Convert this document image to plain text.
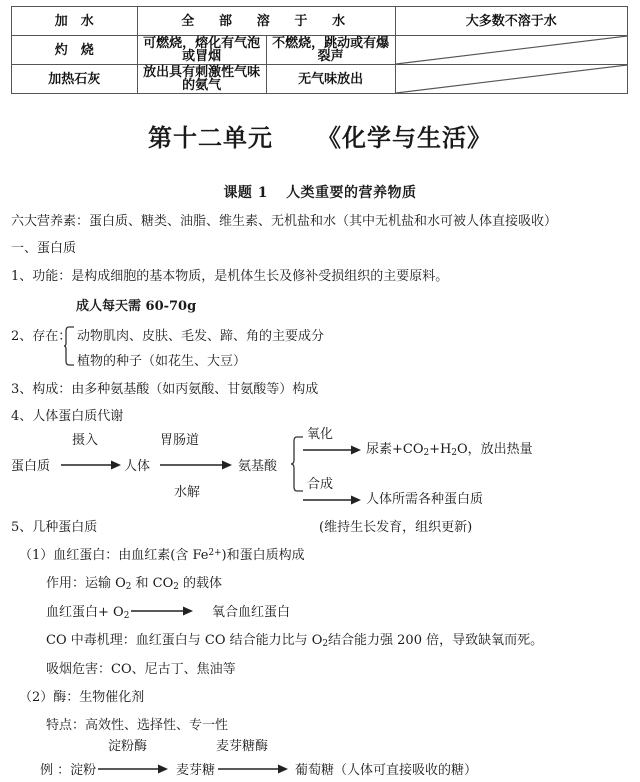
加　水	全　部　溶　于　水		大多数不溶于水
灼　烧	可燃烧，熔化有气泡或冒烟	不燃烧，跳动或有爆裂声	

加热石灰	放出具有刺激性气味的氨气	无气味放出	
第十二单元 《化学与生活》
课题 1 人类重要的营养物质
六大营养素：蛋白质、糖类、油脂、维生素、无机盐和水（其中无机盐和水可被人体直接吸收）
一、蛋白质
1、功能：是构成细胞的基本物质，是机体生长及修补受损组织的主要原料。
成人每天需 60-70g
2、存在： 动物肌肉、皮肤、毛发、蹄、角的主要成分
植物的种子（如花生、大豆）
3、构成：由多种氨基酸（如丙氨酸、甘氨酸等）构成
4、人体蛋白质代谢
摄入	胃肠道
水解
蛋白质	人体	氨基酸
氧化
尿素$+CO_2+H_2O$，放出热量
合成
人体所需各种蛋白质
5、几种蛋白质	(维持生长发育，组织更新)
（1）血红蛋白：由血红素(含 $Fe^{2+}$)和蛋白质构成
作用：运输 $O_2$ 和 $CO_2$ 的载体
血红蛋白+ $O_2$	氧合血红蛋白
CO 中毒机理：血红蛋白与 CO 结合能力比与 $O_2$结合能力强 200 倍，导致缺氧而死。
吸烟危害：CO、尼古丁、焦油等
（2）酶：生物催化剂
特点：高效性、选择性、专一性
淀粉酶	麦芽糖酶
例 ：淀粉	麦芽糖	葡萄糖（人体可直接吸收的糖）
